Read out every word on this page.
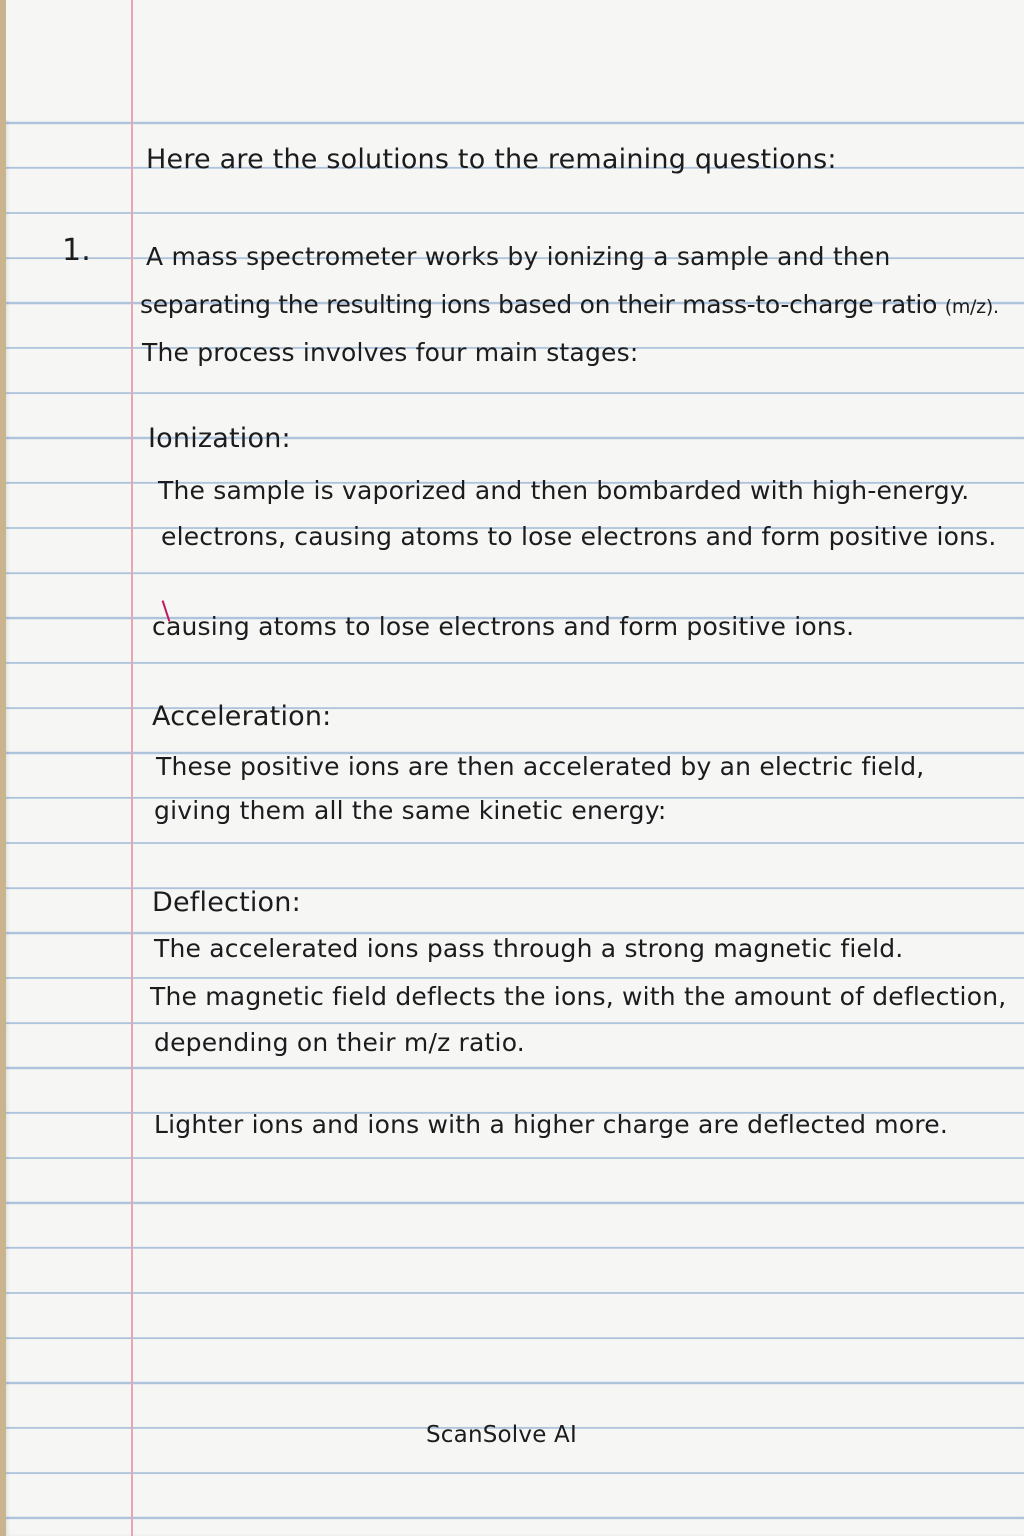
Here are the solutions to the remaining questions:

1. A mass spectrometer works by ionizing a sample and then

separating the resulting ions based on their mass-to-charge ratio (m/z).

The process involves four main stages:

Ionization:

The sample is vaporized and then bombarded with high-energy.

electrons, causing atoms to lose electrons and form positive ions.

causing atoms to lose electrons and form positive ions.

Acceleration:

These positive ions are then accelerated by an electric field,

giving them all the same kinetic energy:

Deflection:

The accelerated ions pass through a strong magnetic field.

The magnetic field deflects the ions, with the amount of deflection,

depending on their m/z ratio.

Lighter ions and ions with a higher charge are deflected more.

ScanSolve AI
